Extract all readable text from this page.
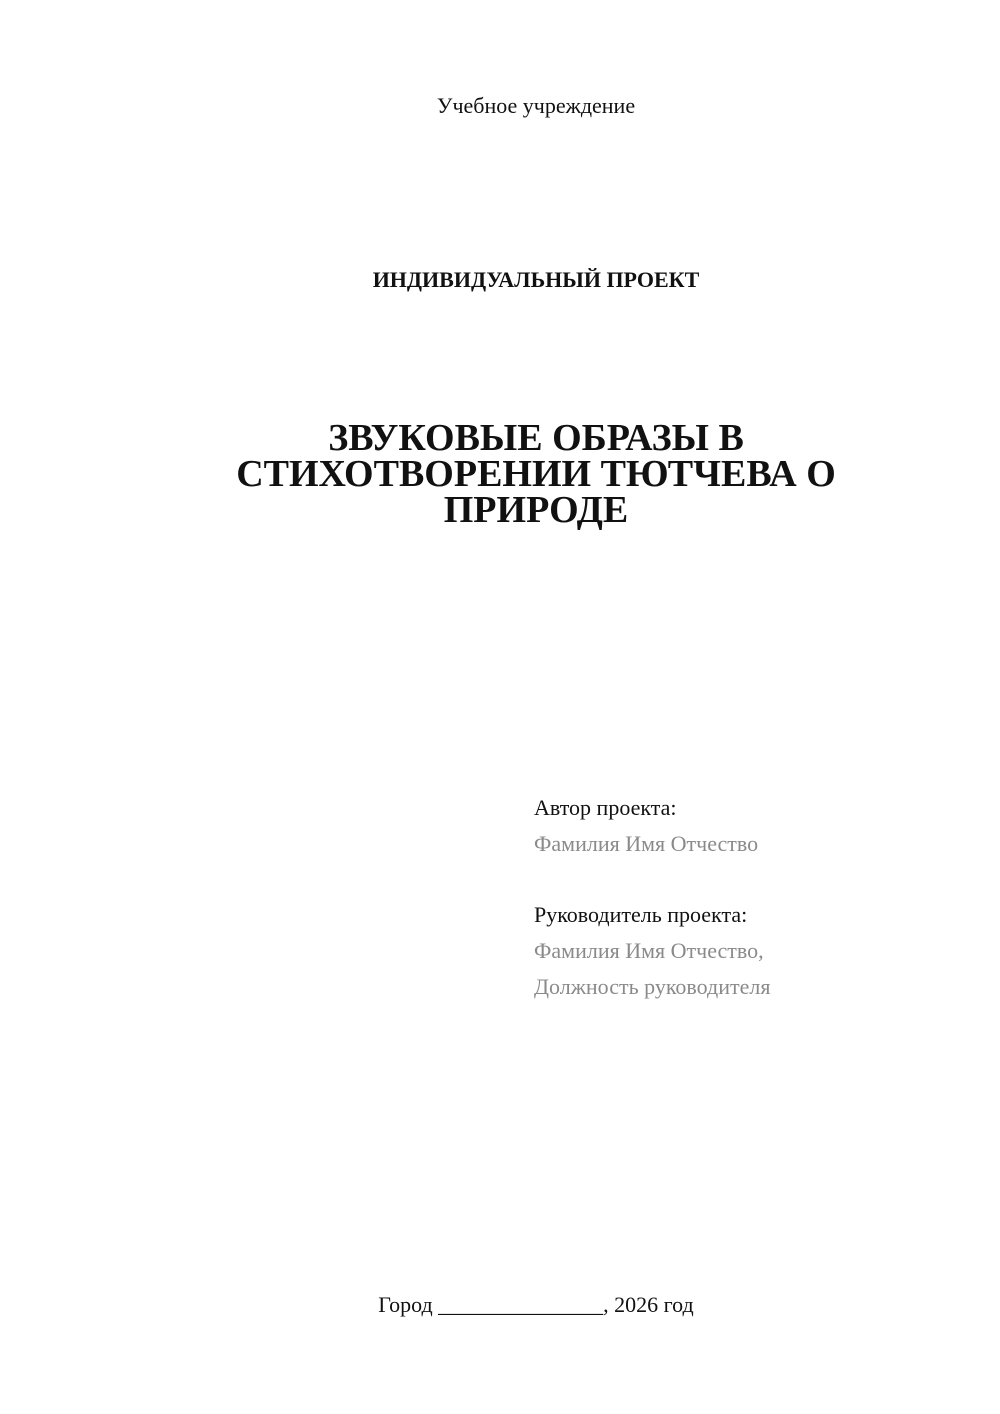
Учебное учреждение
ИНДИВИДУАЛЬНЫЙ ПРОЕКТ
ЗВУКОВЫЕ ОБРАЗЫ В
СТИХОТВОРЕНИИ ТЮТЧЕВА О
ПРИРОДЕ
Автор проекта:
Фамилия Имя Отчество
Руководитель проекта:
Фамилия Имя Отчество,
Должность руководителя
Город _______________, 2026 год
